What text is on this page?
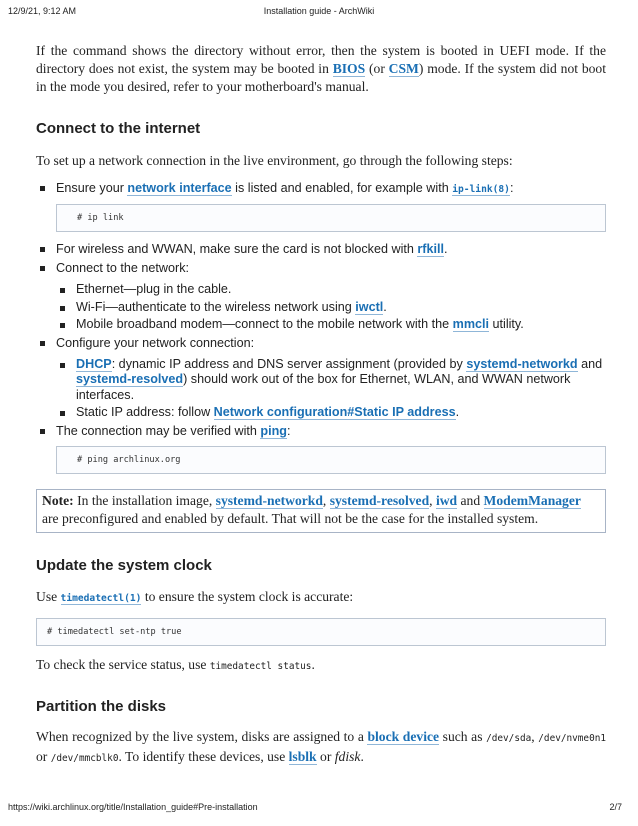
12/9/21, 9:12 AM	Installation guide - ArchWiki

If the command shows the directory without error, then the system is booted in UEFI mode. If the directory does not exist, the system may be booted in BIOS (or CSM) mode. If the system did not boot in the mode you desired, refer to your motherboard's manual.

Connect to the internet

To set up a network connection in the live environment, go through the following steps:

Ensure your network interface is listed and enabled, for example with ip-link(8):
# ip link
For wireless and WWAN, make sure the card is not blocked with rfkill.
Connect to the network:
Ethernet—plug in the cable.
Wi-Fi—authenticate to the wireless network using iwctl.
Mobile broadband modem—connect to the mobile network with the mmcli utility.
Configure your network connection:
DHCP: dynamic IP address and DNS server assignment (provided by systemd-networkd and systemd-resolved) should work out of the box for Ethernet, WLAN, and WWAN network interfaces.
Static IP address: follow Network configuration#Static IP address.
The connection may be verified with ping:
# ping archlinux.org
Note: In the installation image, systemd-networkd, systemd-resolved, iwd and ModemManager are preconfigured and enabled by default. That will not be the case for the installed system.
Update the system clock

Use timedatectl(1) to ensure the system clock is accurate:

# timedatectl set-ntp true

To check the service status, use timedatectl status.

Partition the disks

When recognized by the live system, disks are assigned to a block device such as /dev/sda, /dev/nvme0n1 or /dev/mmcblk0. To identify these devices, use lsblk or fdisk.

https://wiki.archlinux.org/title/Installation_guide#Pre-installation	2/7
